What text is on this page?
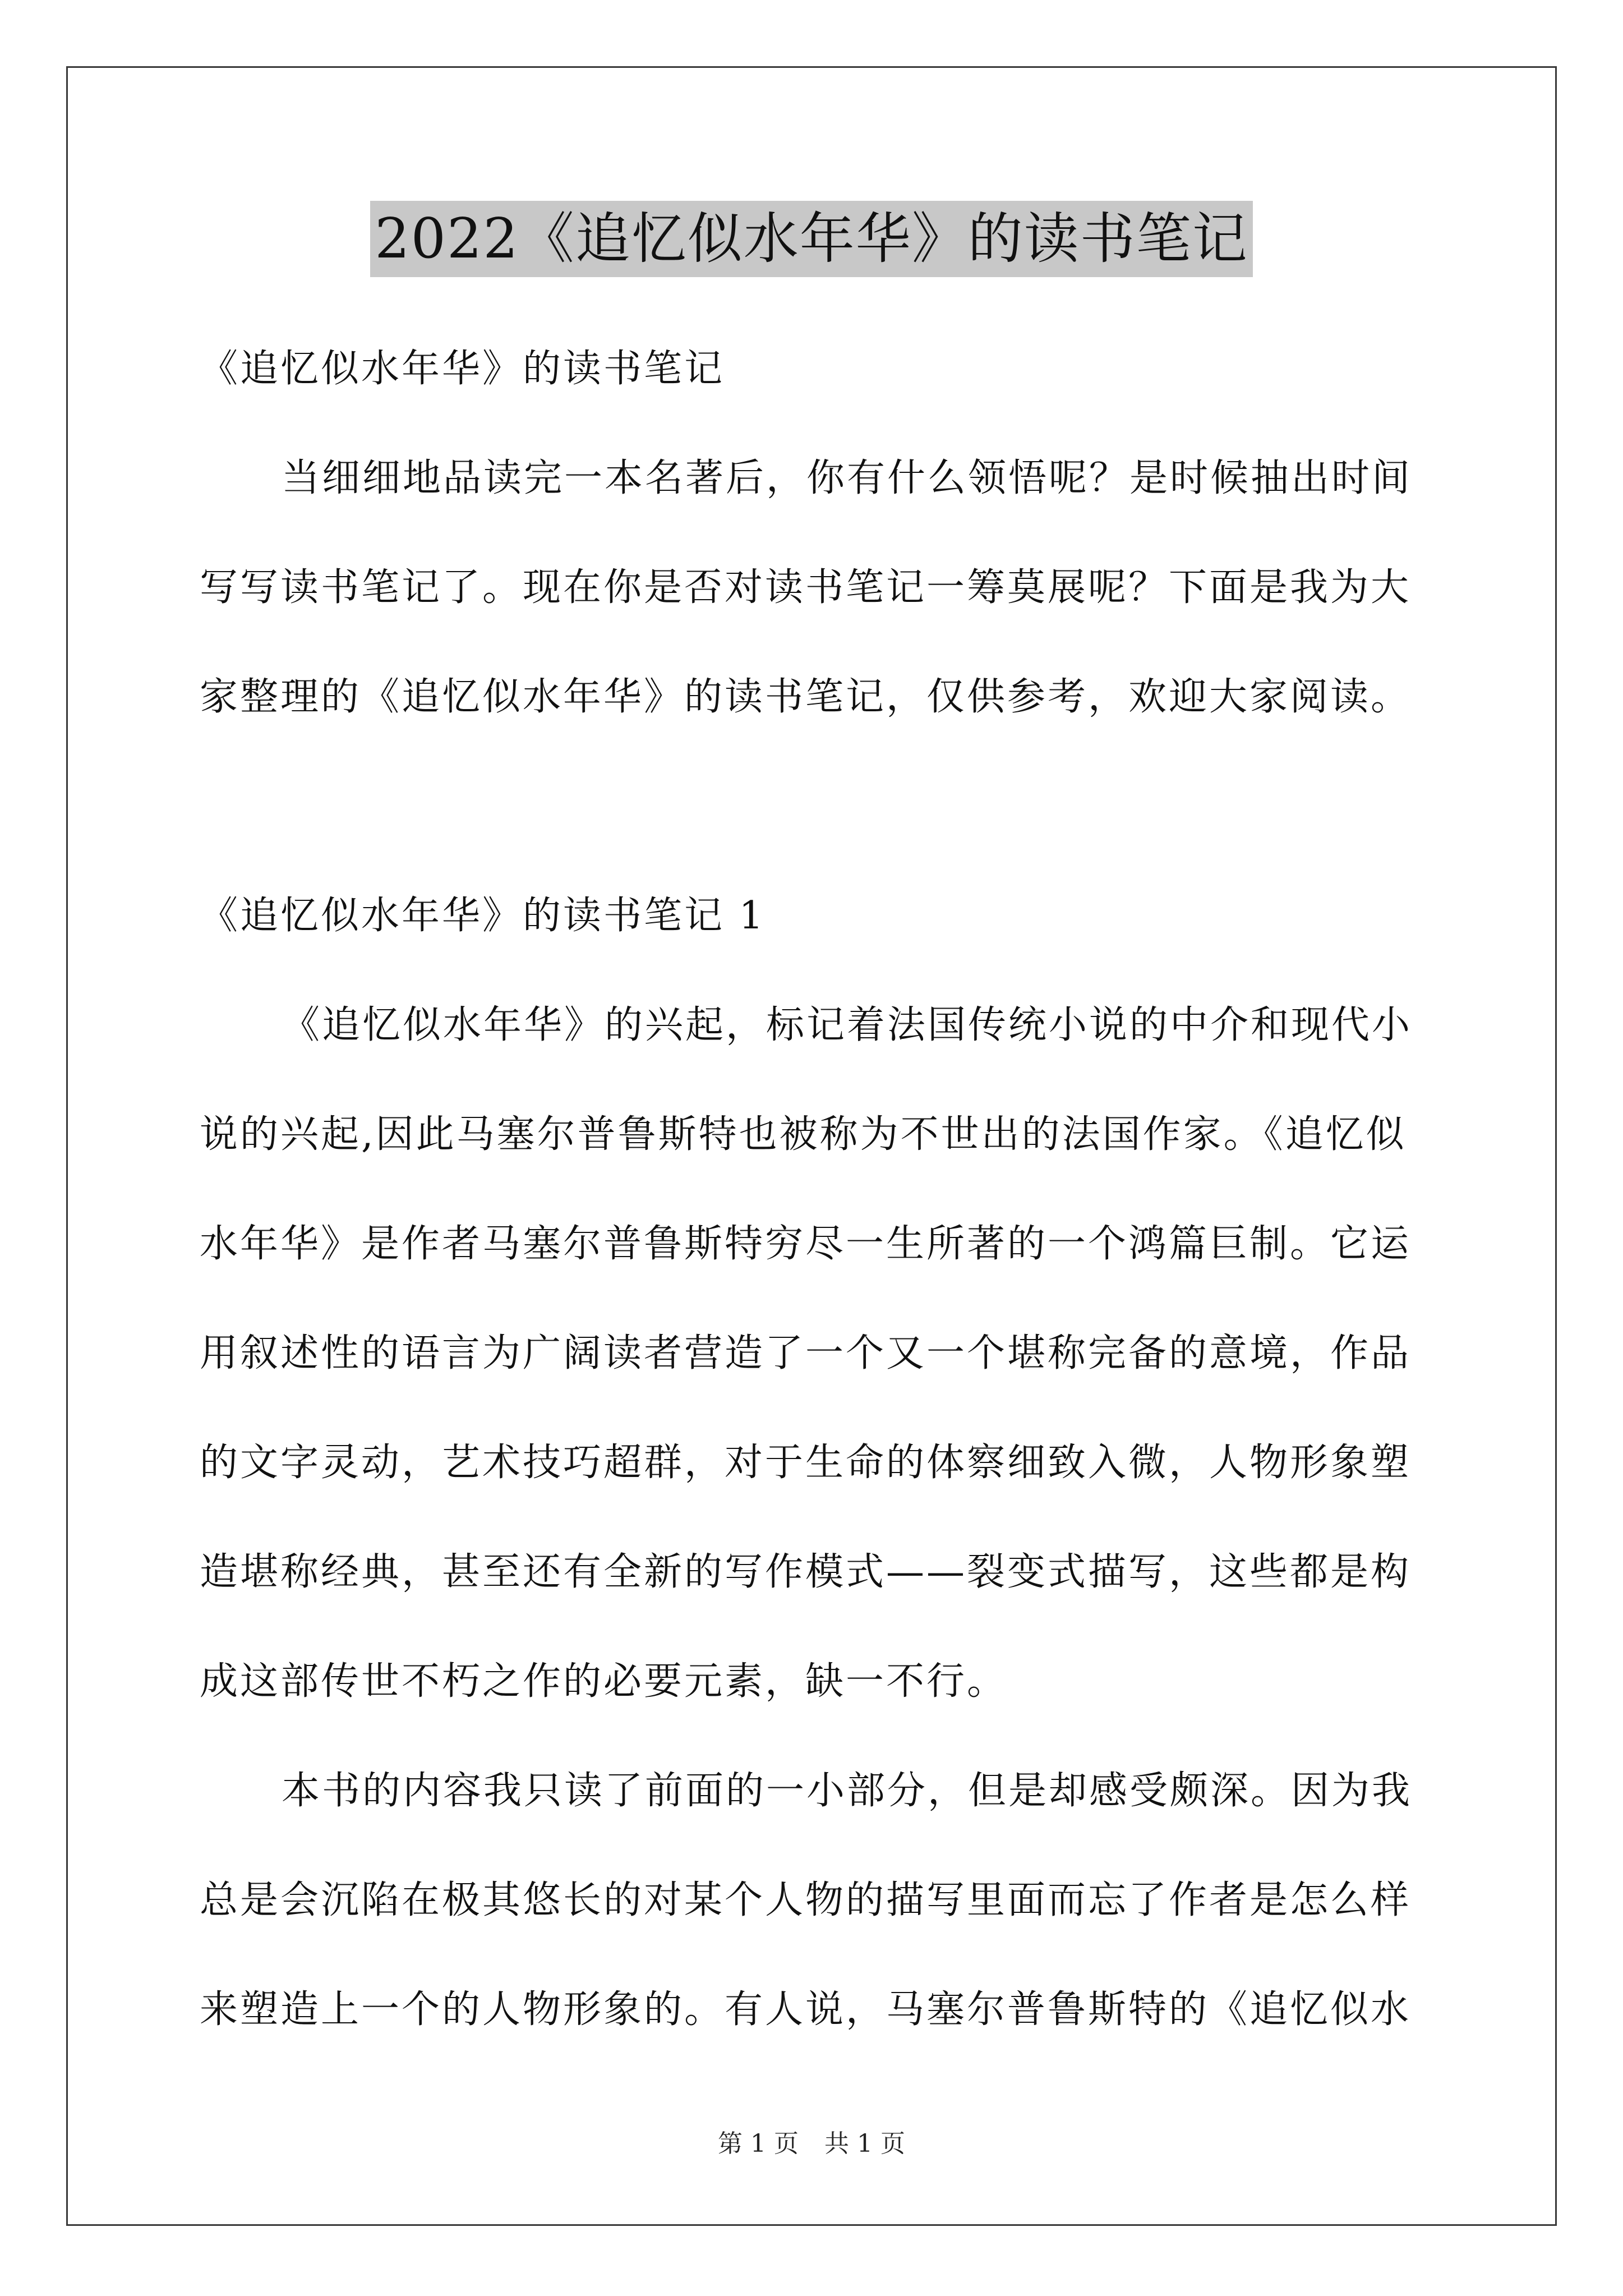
2022《追忆似水年华》的读书笔记
《追忆似水年华》的读书笔记
当细细地品读完一本名著后，你有什么领悟呢？是时候抽出时间
写写读书笔记了。现在你是否对读书笔记一筹莫展呢？下面是我为大
家整理的《追忆似水年华》的读书笔记，仅供参考，欢迎大家阅读。
《追忆似水年华》的读书笔记 1
《追忆似水年华》的兴起，标记着法国传统小说的中介和现代小
说的兴起,因此马塞尔普鲁斯特也被称为不世出的法国作家。《追忆似
水年华》是作者马塞尔普鲁斯特穷尽一生所著的一个鸿篇巨制。它运
用叙述性的语言为广阔读者营造了一个又一个堪称完备的意境，作品
的文字灵动，艺术技巧超群，对于生命的体察细致入微，人物形象塑
造堪称经典，甚至还有全新的写作模式——裂变式描写，这些都是构
成这部传世不朽之作的必要元素，缺一不行。
本书的内容我只读了前面的一小部分，但是却感受颇深。因为我
总是会沉陷在极其悠长的对某个人物的描写里面而忘了作者是怎么样
来塑造上一个的人物形象的。有人说，马塞尔普鲁斯特的《追忆似水
第 1 页 共 1 页
